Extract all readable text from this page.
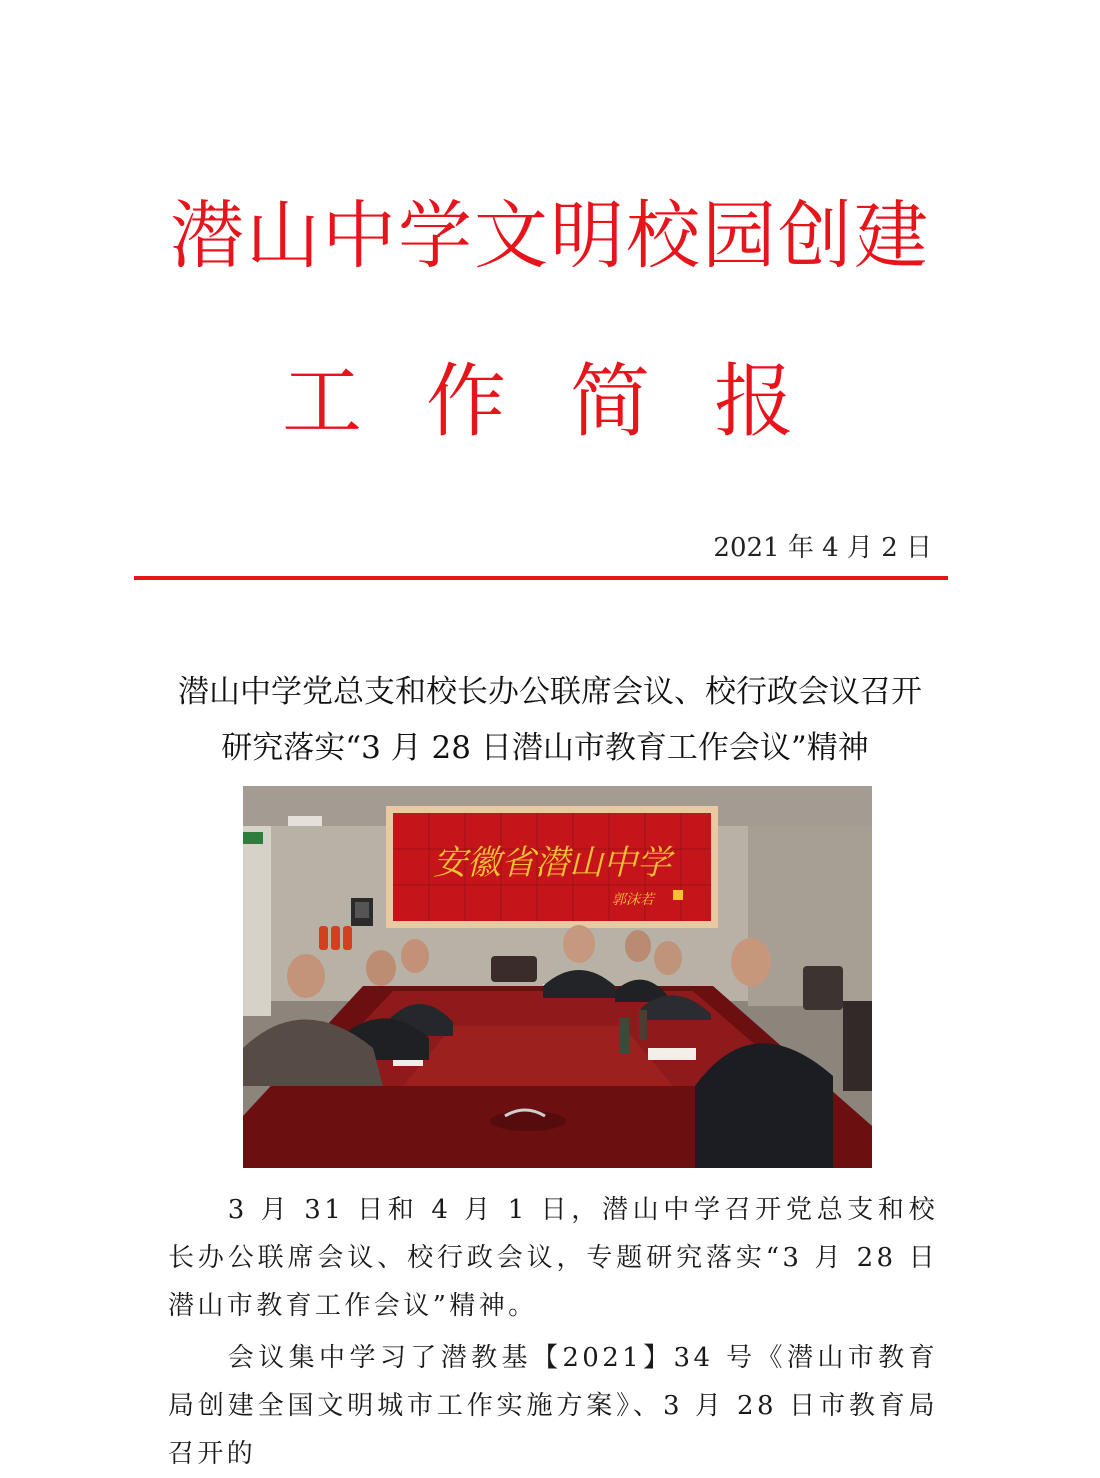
潜山中学文明校园创建
工作简报
2021 年 4 月 2 日
潜山中学党总支和校长办公联席会议、校行政会议召开
研究落实“3 月 28 日潜山市教育工作会议”精神
安徽省潜山中学
郭沫若

3 月 31 日和 4 月 1 日，潜山中学召开党总支和校长办公联席会议、校行政会议，专题研究落实“3 月 28 日潜山市教育工作会议”精神。

会议集中学习了潜教基【2021】34 号《潜山市教育局创建全国文明城市工作实施方案》、3 月 28 日市教育局召开的
